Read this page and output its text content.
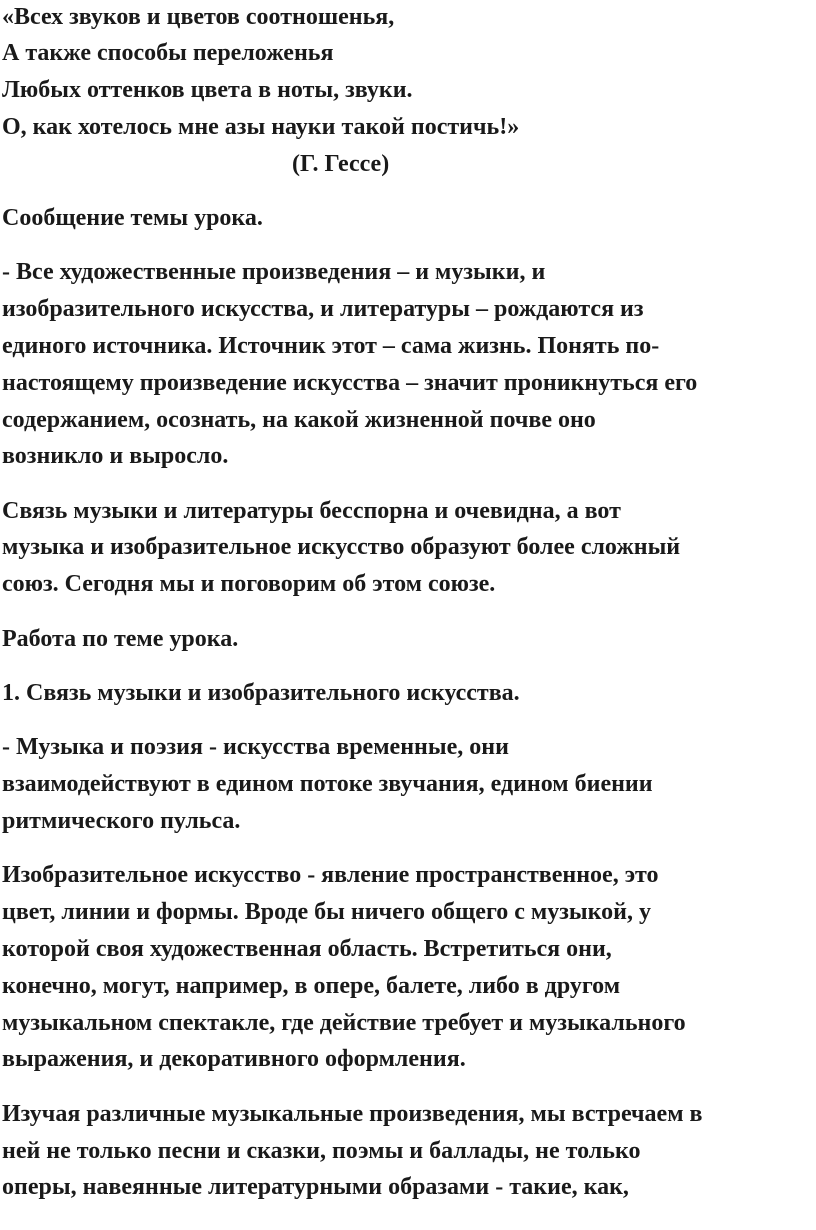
«Всех звуков и цветов соотношенья,
А также способы переложенья
Любых оттенков цвета в ноты, звуки.
О, как хотелось мне азы науки такой постичь!»
(Г. Гессе)
Сообщение темы урока.
- Все художественные произведения – и музыки, и
изобразительного искусства, и литературы – рождаются из
единого источника. Источник этот – сама жизнь. Понять по-
настоящему произведение искусства – значит проникнуться его
содержанием, осознать, на какой жизненной почве оно
возникло и выросло.
Связь музыки и литературы бесспорна и очевидна, а вот
музыка и изобразительное искусство образуют более сложный
союз. Сегодня мы и поговорим об этом союзе.
Работа по теме урока.
1. Связь музыки и изобразительного искусства.
- Музыка и поэзия - искусства временные, они
взаимодействуют в едином потоке звучания, едином биении
ритмического пульса.
Изобразительное искусство - явление пространственное, это
цвет, линии и формы. Вроде бы ничего общего с музыкой, у
которой своя художественная область. Встретиться они,
конечно, могут, например, в опере, балете, либо в другом
музыкальном спектакле, где действие требует и музыкального
выражения, и декоративного оформления.
Изучая различные музыкальные произведения, мы встречаем в
ней не только песни и сказки, поэмы и баллады, не только
оперы, навеянные литературными образами - такие, как,
